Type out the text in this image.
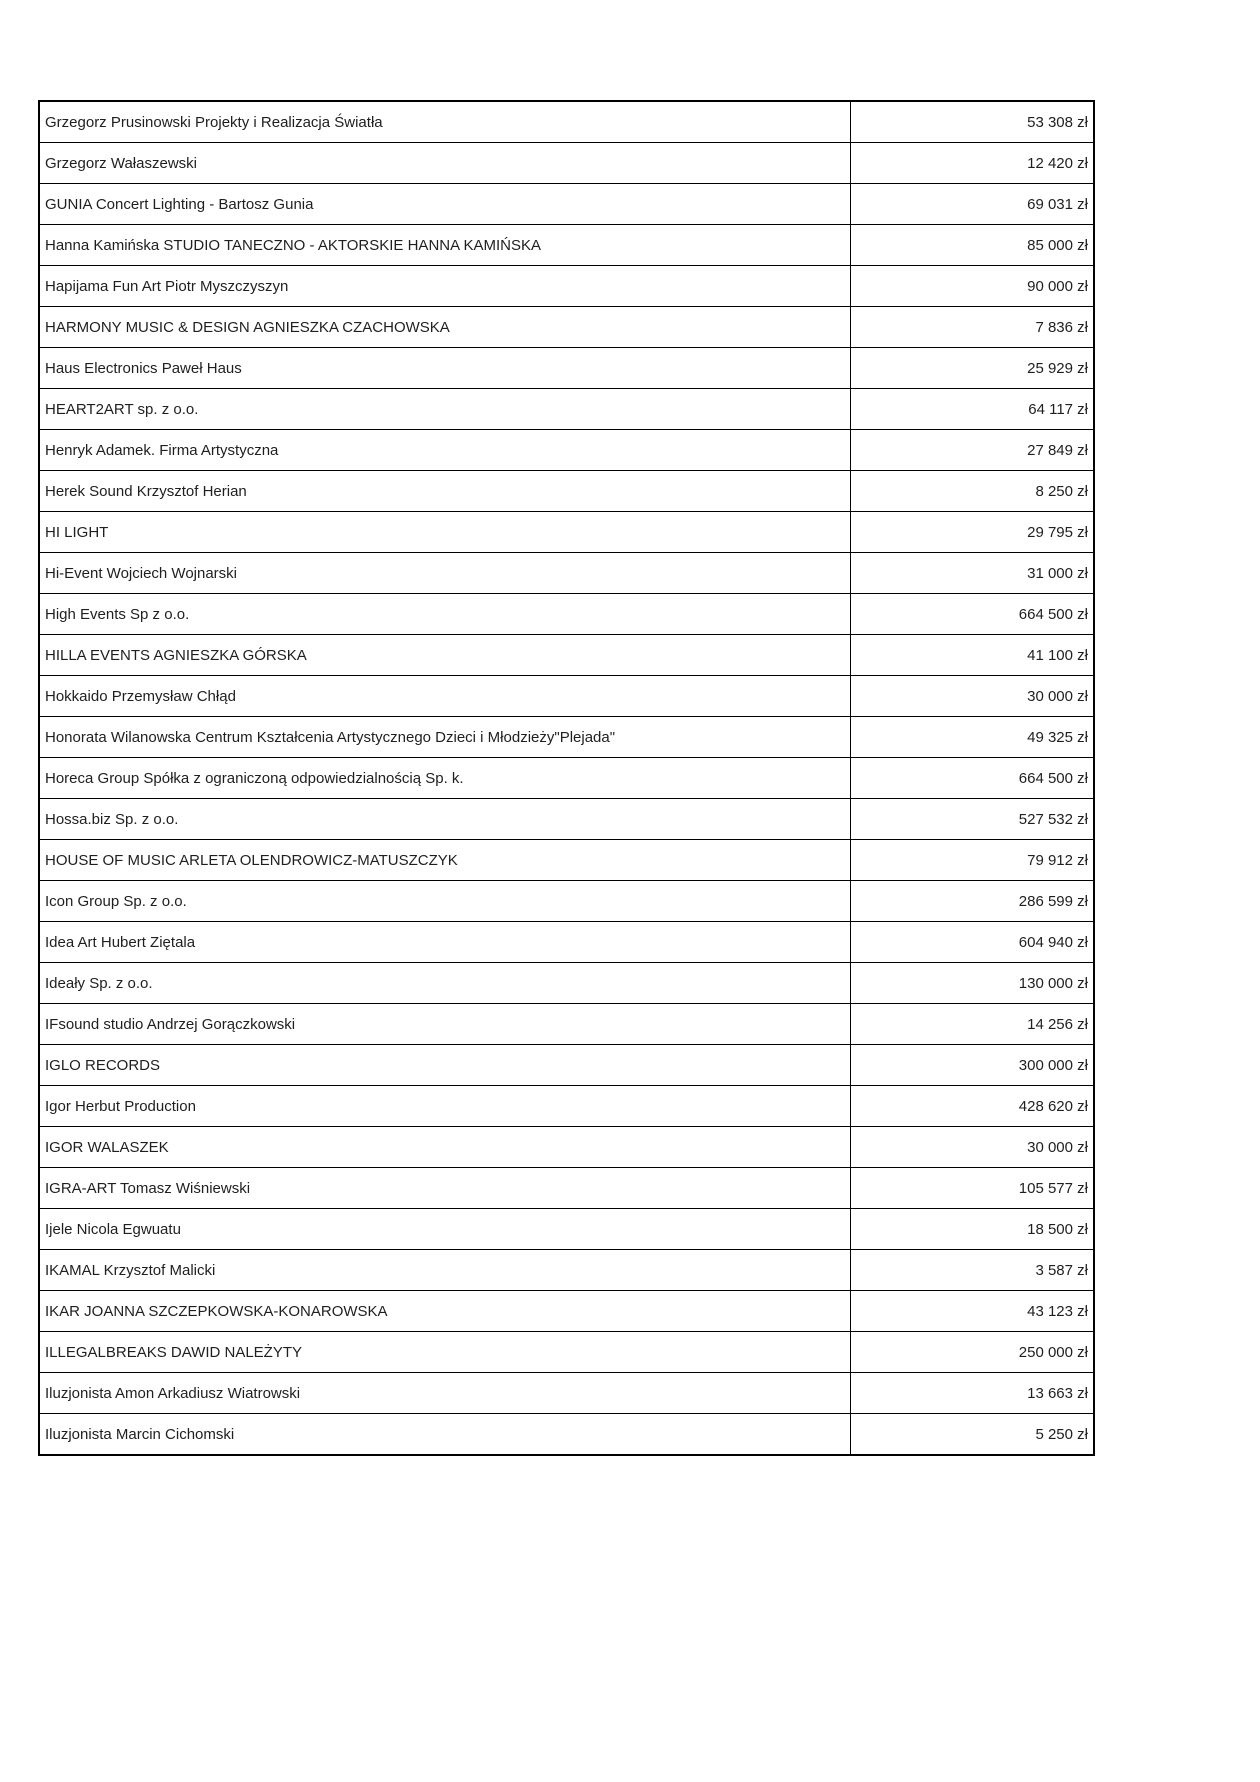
Grzegorz Prusinowski Projekty i Realizacja Światła	53 308 zł
Grzegorz Wałaszewski	12 420 zł
GUNIA Concert Lighting - Bartosz Gunia	69 031 zł
Hanna Kamińska STUDIO TANECZNO - AKTORSKIE HANNA KAMIŃSKA	85 000 zł
Hapijama Fun Art Piotr Myszczyszyn	90 000 zł
HARMONY MUSIC & DESIGN AGNIESZKA CZACHOWSKA	7 836 zł
Haus Electronics Paweł Haus	25 929 zł
HEART2ART sp. z o.o.	64 117 zł
Henryk Adamek. Firma Artystyczna	27 849 zł
Herek Sound Krzysztof Herian	8 250 zł
HI LIGHT	29 795 zł
Hi-Event Wojciech Wojnarski	31 000 zł
High Events Sp z o.o.	664 500 zł
HILLA EVENTS AGNIESZKA GÓRSKA	41 100 zł
Hokkaido Przemysław Chłąd	30 000 zł
Honorata Wilanowska Centrum Kształcenia Artystycznego Dzieci i Młodzieży"Plejada"	49 325 zł
Horeca Group Spółka z ograniczoną odpowiedzialnością Sp. k.	664 500 zł
Hossa.biz Sp. z o.o.	527 532 zł
HOUSE OF MUSIC ARLETA OLENDROWICZ-MATUSZCZYK	79 912 zł
Icon Group Sp. z o.o.	286 599 zł
Idea Art Hubert Ziętala	604 940 zł
Ideały Sp. z o.o.	130 000 zł
IFsound studio Andrzej Gorączkowski	14 256 zł
IGLO RECORDS	300 000 zł
Igor Herbut Production	428 620 zł
IGOR WALASZEK	30 000 zł
IGRA-ART Tomasz Wiśniewski	105 577 zł
Ijele Nicola Egwuatu	18 500 zł
IKAMAL Krzysztof Malicki	3 587 zł
IKAR JOANNA SZCZEPKOWSKA-KONAROWSKA	43 123 zł
ILLEGALBREAKS DAWID NALEŻYTY	250 000 zł
Iluzjonista Amon Arkadiusz Wiatrowski	13 663 zł
Iluzjonista Marcin Cichomski	5 250 zł
